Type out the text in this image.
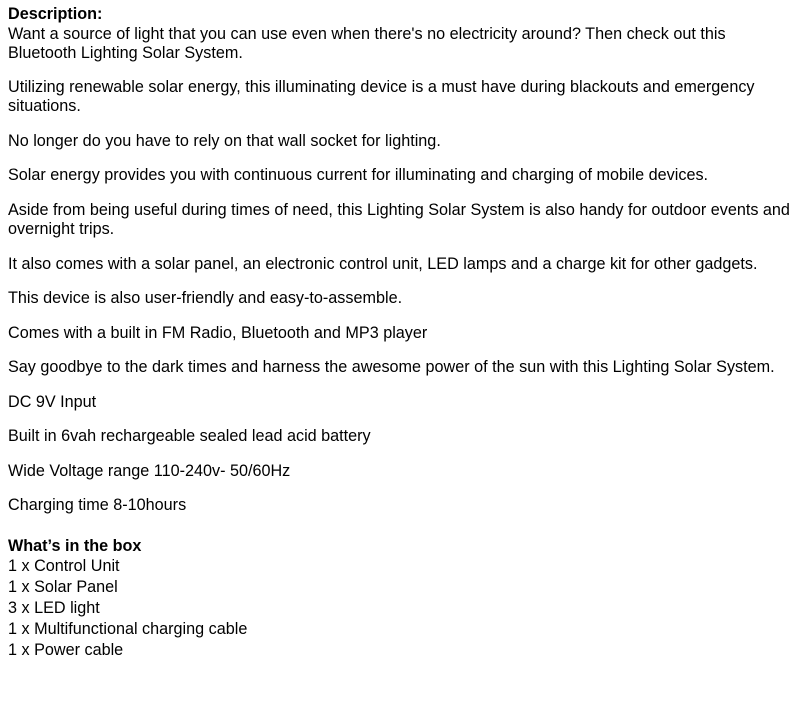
Description:

Want a source of light that you can use even when there's no electricity around? Then check out this Bluetooth Lighting Solar System.

Utilizing renewable solar energy, this illuminating device is a must have during blackouts and emergency situations.

No longer do you have to rely on that wall socket for lighting.

Solar energy provides you with continuous current for illuminating and charging of mobile devices.

Aside from being useful during times of need, this Lighting Solar System is also handy for outdoor events and overnight trips.

It also comes with a solar panel, an electronic control unit, LED lamps and a charge kit for other gadgets.

This device is also user-friendly and easy-to-assemble.

Comes with a built in FM Radio, Bluetooth and MP3 player

Say goodbye to the dark times and harness the awesome power of the sun with this Lighting Solar System.

DC 9V Input

Built in 6vah rechargeable sealed lead acid battery

Wide Voltage range 110-240v- 50/60Hz

Charging time 8-10hours

What’s in the box
1 x Control Unit
1 x Solar Panel
3 x LED light
1 x Multifunctional charging cable
1 x Power cable
